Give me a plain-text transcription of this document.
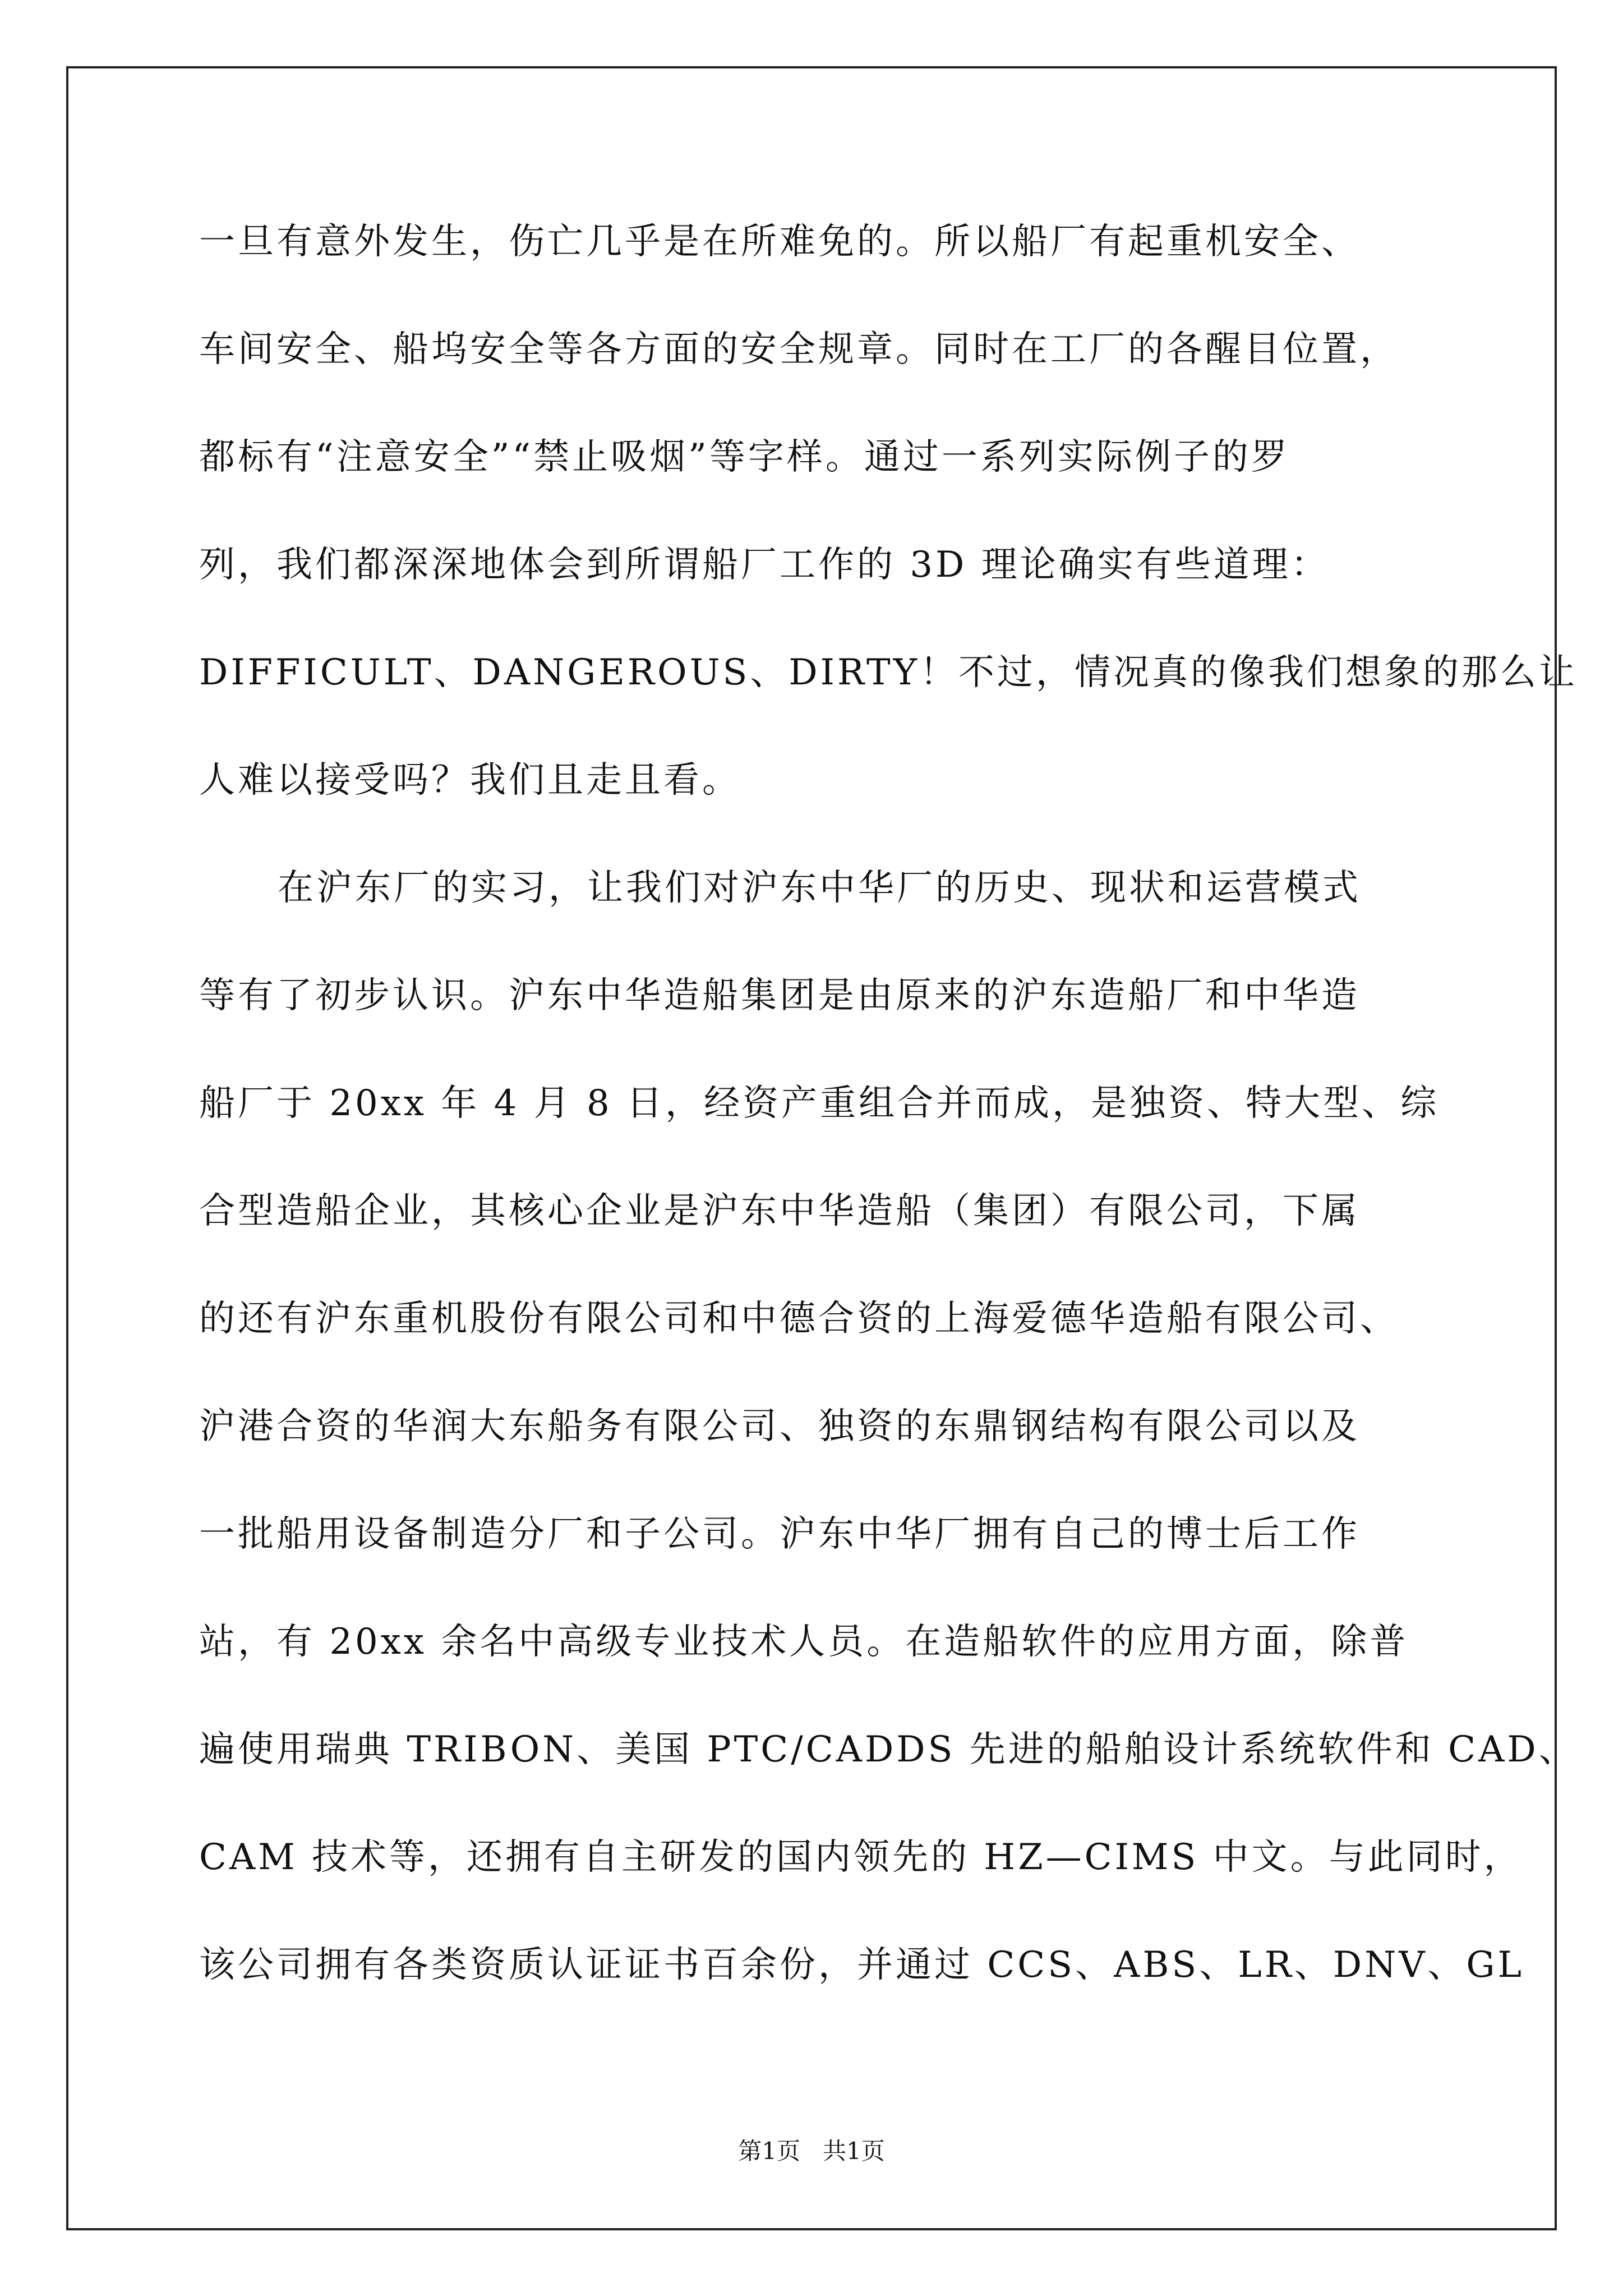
一旦有意外发生，伤亡几乎是在所难免的。所以船厂有起重机安全、
车间安全、船坞安全等各方面的安全规章。同时在工厂的各醒目位置，
都标有“注意安全”“禁止吸烟”等字样。通过一系列实际例子的罗
列，我们都深深地体会到所谓船厂工作的 3D 理论确实有些道理：
DIFFICULT、DANGEROUS、DIRTY！不过，情况真的像我们想象的那么让
人难以接受吗？我们且走且看。
在沪东厂的实习，让我们对沪东中华厂的历史、现状和运营模式
等有了初步认识。沪东中华造船集团是由原来的沪东造船厂和中华造
船厂于 20xx 年 4 月 8 日，经资产重组合并而成，是独资、特大型、综
合型造船企业，其核心企业是沪东中华造船（集团）有限公司，下属
的还有沪东重机股份有限公司和中德合资的上海爱德华造船有限公司、
沪港合资的华润大东船务有限公司、独资的东鼎钢结构有限公司以及
一批船用设备制造分厂和子公司。沪东中华厂拥有自己的博士后工作
站，有 20xx 余名中高级专业技术人员。在造船软件的应用方面，除普
遍使用瑞典 TRIBON、美国 PTC/CADDS 先进的船舶设计系统软件和 CAD、
CAM 技术等，还拥有自主研发的国内领先的 HZ—CIMS 中文。与此同时，
该公司拥有各类资质认证证书百余份，并通过 CCS、ABS、LR、DNV、GL
第1页 共1页
